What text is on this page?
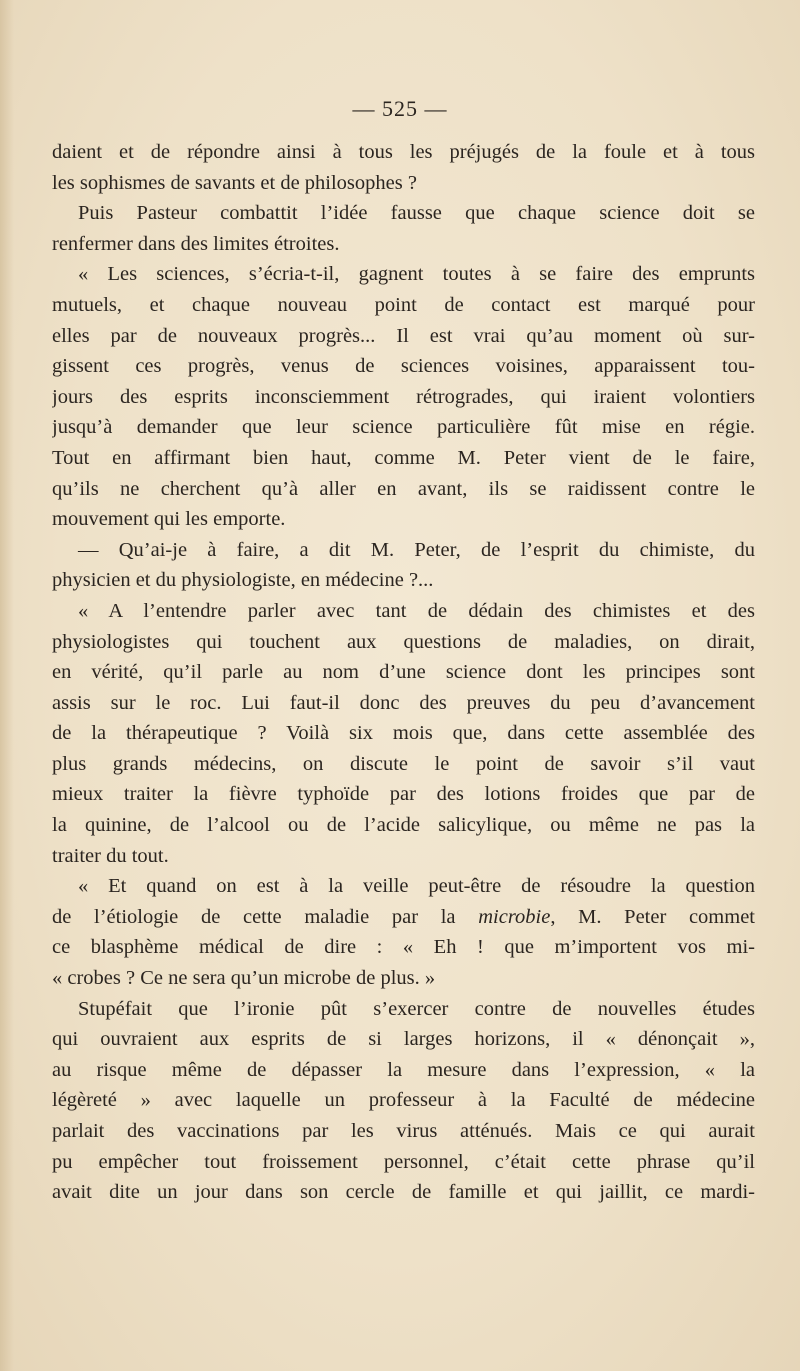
— 525 —
daient et de répondre ainsi à tous les préjugés de la foule et à tous
les sophismes de savants et de philosophes ?
Puis Pasteur combattit l’idée fausse que chaque science doit se
renfermer dans des limites étroites.
« Les sciences, s’écria-t-il, gagnent toutes à se faire des emprunts
mutuels, et chaque nouveau point de contact est marqué pour
elles par de nouveaux progrès... Il est vrai qu’au moment où sur-
gissent ces progrès, venus de sciences voisines, apparaissent tou-
jours des esprits inconsciemment rétrogrades, qui iraient volontiers
jusqu’à demander que leur science particulière fût mise en régie.
Tout en affirmant bien haut, comme M. Peter vient de le faire,
qu’ils ne cherchent qu’à aller en avant, ils se raidissent contre le
mouvement qui les emporte.
— Qu’ai-je à faire, a dit M. Peter, de l’esprit du chimiste, du
physicien et du physiologiste, en médecine ?...
« A l’entendre parler avec tant de dédain des chimistes et des
physiologistes qui touchent aux questions de maladies, on dirait,
en vérité, qu’il parle au nom d’une science dont les principes sont
assis sur le roc. Lui faut-il donc des preuves du peu d’avancement
de la thérapeutique ? Voilà six mois que, dans cette assemblée des
plus grands médecins, on discute le point de savoir s’il vaut
mieux traiter la fièvre typhoïde par des lotions froides que par de
la quinine, de l’alcool ou de l’acide salicylique, ou même ne pas la
traiter du tout.
« Et quand on est à la veille peut-être de résoudre la question
de l’étiologie de cette maladie par la microbie, M. Peter commet
ce blasphème médical de dire : « Eh ! que m’importent vos mi-
« crobes ? Ce ne sera qu’un microbe de plus. »
Stupéfait que l’ironie pût s’exercer contre de nouvelles études
qui ouvraient aux esprits de si larges horizons, il « dénonçait »,
au risque même de dépasser la mesure dans l’expression, « la
légèreté » avec laquelle un professeur à la Faculté de médecine
parlait des vaccinations par les virus atténués. Mais ce qui aurait
pu empêcher tout froissement personnel, c’était cette phrase qu’il
avait dite un jour dans son cercle de famille et qui jaillit, ce mardi-
